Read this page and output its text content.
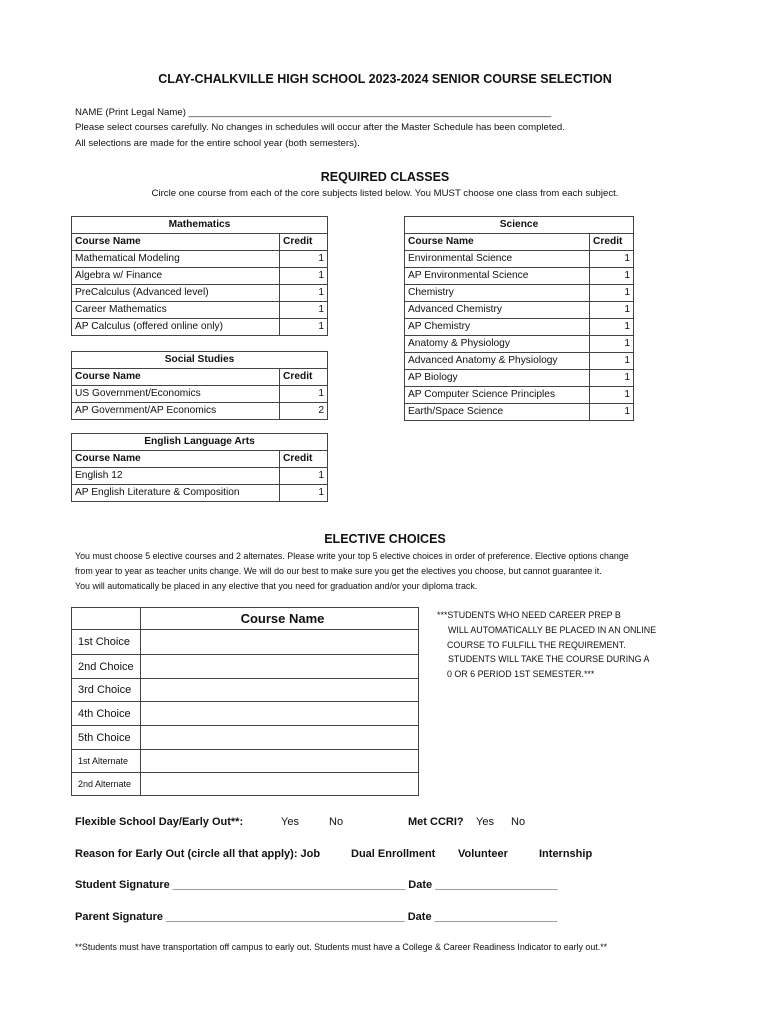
CLAY-CHALKVILLE HIGH SCHOOL 2023-2024 SENIOR COURSE SELECTION
NAME (Print Legal Name) ____________________________________________________________________
Please select courses carefully. No changes in schedules will occur after the Master Schedule has been completed.
All selections are made for the entire school year (both semesters).
REQUIRED CLASSES
Circle one course from each of the core subjects listed below. You MUST choose one class from each subject.
Mathematics	
Course Name	Credit
Mathematical Modeling	1
Algebra w/ Finance	1
PreCalculus (Advanced level)	1
Career Mathematics	1
AP Calculus (offered online only)	1
Social Studies	
Course Name	Credit
US Government/Economics	1
AP Government/AP Economics	2
English Language Arts	
Course Name	Credit
English 12	1
AP English Literature & Composition	1
Science	
Course Name	Credit
Environmental Science	1
AP Environmental Science	1
Chemistry	1
Advanced Chemistry	1
AP Chemistry	1
Anatomy & Physiology	1
Advanced Anatomy & Physiology	1
AP Biology	1
AP Computer Science Principles	1
Earth/Space Science	1
ELECTIVE CHOICES
You must choose 5 elective courses and 2 alternates. Please write your top 5 elective choices in order of preference. Elective options change
from year to year as teacher units change. We will do our best to make sure you get the electives you choose, but cannot guarantee it.
You will automatically be placed in any elective that you need for graduation and/or your diploma track.
	Course Name
1st Choice	
2nd Choice	
3rd Choice	
4th Choice	
5th Choice	
1st Alternate	
2nd Alternate	
***STUDENTS WHO NEED CAREER PREP B
WILL AUTOMATICALLY BE PLACED IN AN ONLINE
COURSE TO FULFILL THE REQUIREMENT.
STUDENTS WILL TAKE THE COURSE DURING A
0 OR 6 PERIOD 1ST SEMESTER.***
Flexible School Day/Early Out**:	Yes	No	Met CCRI? Yes No
Reason for Early Out (circle all that apply): Job	Dual Enrollment Volunteer	Internship
Student Signature ______________________________________ Date ____________________
Parent Signature _______________________________________ Date ____________________
**Students must have transportation off campus to early out. Students must have a College & Career Readiness Indicator to early out.**
